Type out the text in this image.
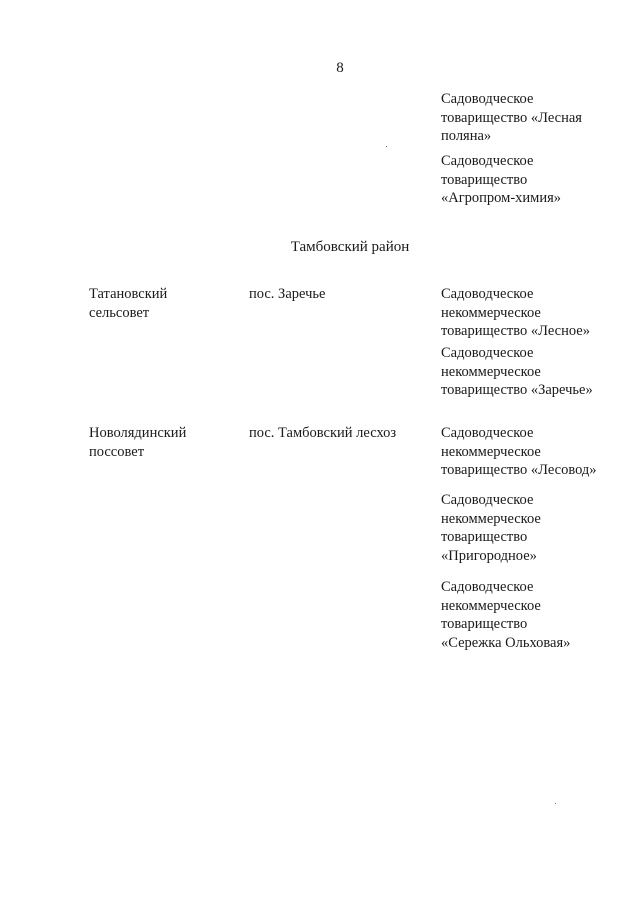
8
Садоводческое
товарищество «Лесная
поляна»
Садоводческое
товарищество
«Агропром-химия»
Тамбовский район
Татановский
сельсовет
пос. Заречье	Садоводческое
некоммерческое
товарищество «Лесное»
Садоводческое
некоммерческое
товарищество «Заречье»
Новолядинский
поссовет
пос. Тамбовский лесхоз	Садоводческое
некоммерческое
товарищество «Лесовод»
Садоводческое
некоммерческое
товарищество
«Пригородное»
Садоводческое
некоммерческое
товарищество
«Сережка Ольховая»
